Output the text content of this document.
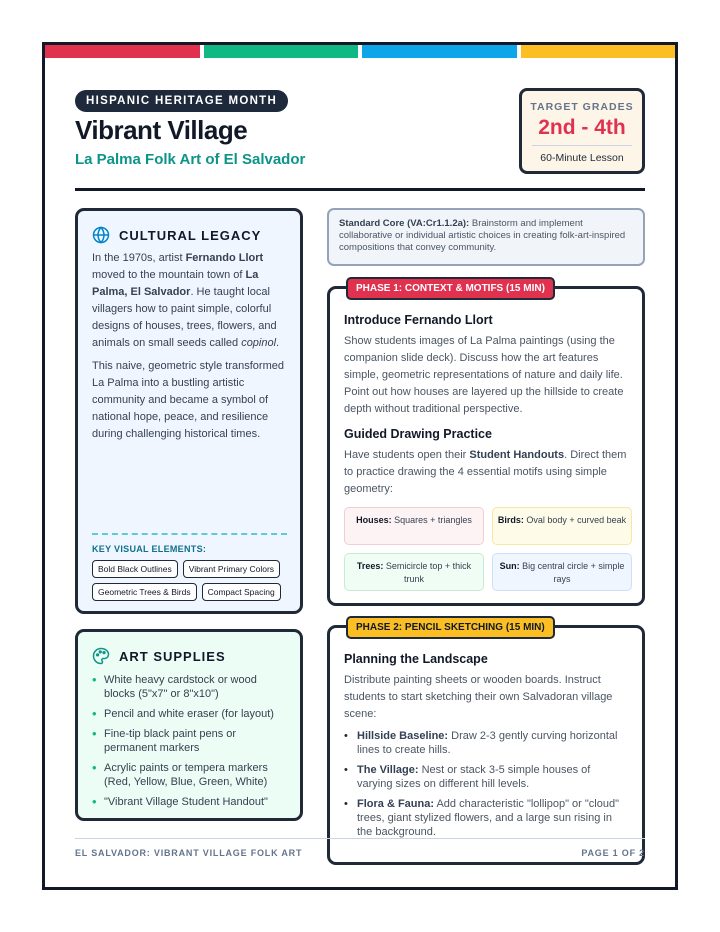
HISPANIC HERITAGE MONTH
Vibrant Village
La Palma Folk Art of El Salvador
TARGET GRADES
2nd - 4th
60-Minute Lesson
CULTURAL LEGACY

In the 1970s, artist Fernando Llort moved to the mountain town of La Palma, El Salvador. He taught local villagers how to paint simple, colorful designs of houses, trees, flowers, and animals on small seeds called copinol.

This naive, geometric style transformed La Palma into a bustling artistic community and became a symbol of national hope, peace, and resilience during challenging historical times.

KEY VISUAL ELEMENTS:
Bold Black Outlines	Vibrant Primary Colors
Geometric Trees & Birds	Compact Spacing
ART SUPPLIES
• White heavy cardstock or wood blocks (5"x7" or 8"x10")
• Pencil and white eraser (for layout)
• Fine-tip black paint pens or permanent markers
• Acrylic paints or tempera markers (Red, Yellow, Blue, Green, White)
• "Vibrant Village Student Handout"
Standard Core (VA:Cr1.1.2a): Brainstorm and implement collaborative or individual artistic choices in creating folk-art-inspired compositions that convey community.
PHASE 1: CONTEXT & MOTIFS (15 MIN)
Introduce Fernando Llort
Show students images of La Palma paintings (using the companion slide deck). Discuss how the art features simple, geometric representations of nature and daily life. Point out how houses are layered up the hillside to create depth without traditional perspective.
Guided Drawing Practice
Have students open their Student Handouts. Direct them to practice drawing the 4 essential motifs using simple geometry:
Houses: Squares + triangles	Birds: Oval body + curved beak
Trees: Semicircle top + thick trunk
Sun: Big central circle + simple rays
PHASE 2: PENCIL SKETCHING (15 MIN)
Planning the Landscape
Distribute painting sheets or wooden boards. Instruct students to start sketching their own Salvadoran village scene:
• Hillside Baseline: Draw 2-3 gently curving horizontal lines to create hills.
• The Village: Nest or stack 3-5 simple houses of varying sizes on different hill levels.
• Flora & Fauna: Add characteristic "lollipop" or "cloud" trees, giant stylized flowers, and a large sun rising in the background.
EL SALVADOR: VIBRANT VILLAGE FOLK ART	PAGE 1 OF 2
